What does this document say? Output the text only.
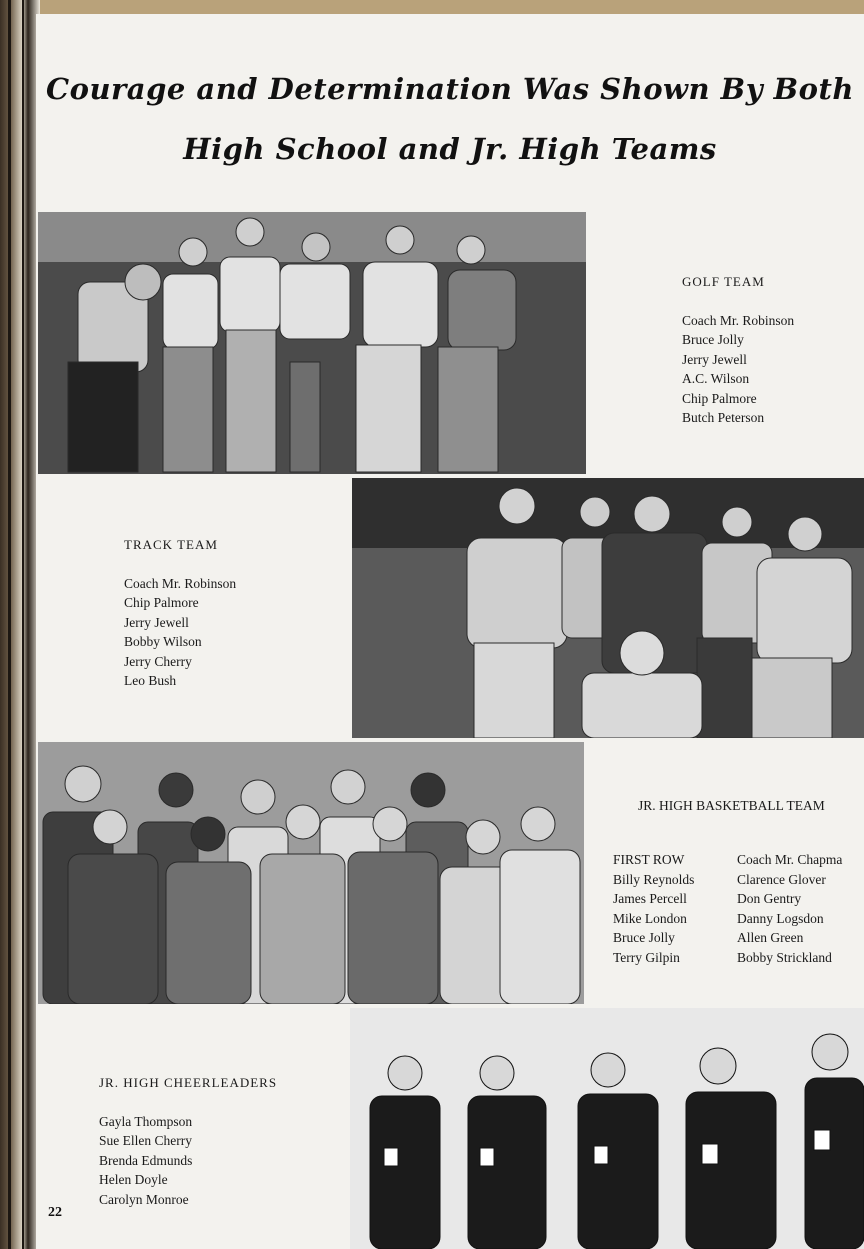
Courage and Determination Was Shown By Both
High School and Jr. High Teams
GOLF TEAM
Coach Mr. Robinson
Bruce Jolly
Jerry Jewell
A.C. Wilson
Chip Palmore
Butch Peterson
TRACK TEAM
Coach Mr. Robinson
Chip Palmore
Jerry Jewell
Bobby Wilson
Jerry Cherry
Leo Bush
JR. HIGH BASKETBALL TEAM
FIRST ROW
Billy Reynolds
James Percell
Mike London
Bruce Jolly
Terry Gilpin
Coach Mr. Chapma
Clarence Glover
Don Gentry
Danny Logsdon
Allen Green
Bobby Strickland
JR. HIGH CHEERLEADERS
Gayla Thompson
Sue Ellen Cherry
Brenda Edmunds
Helen Doyle
Carolyn Monroe
22
